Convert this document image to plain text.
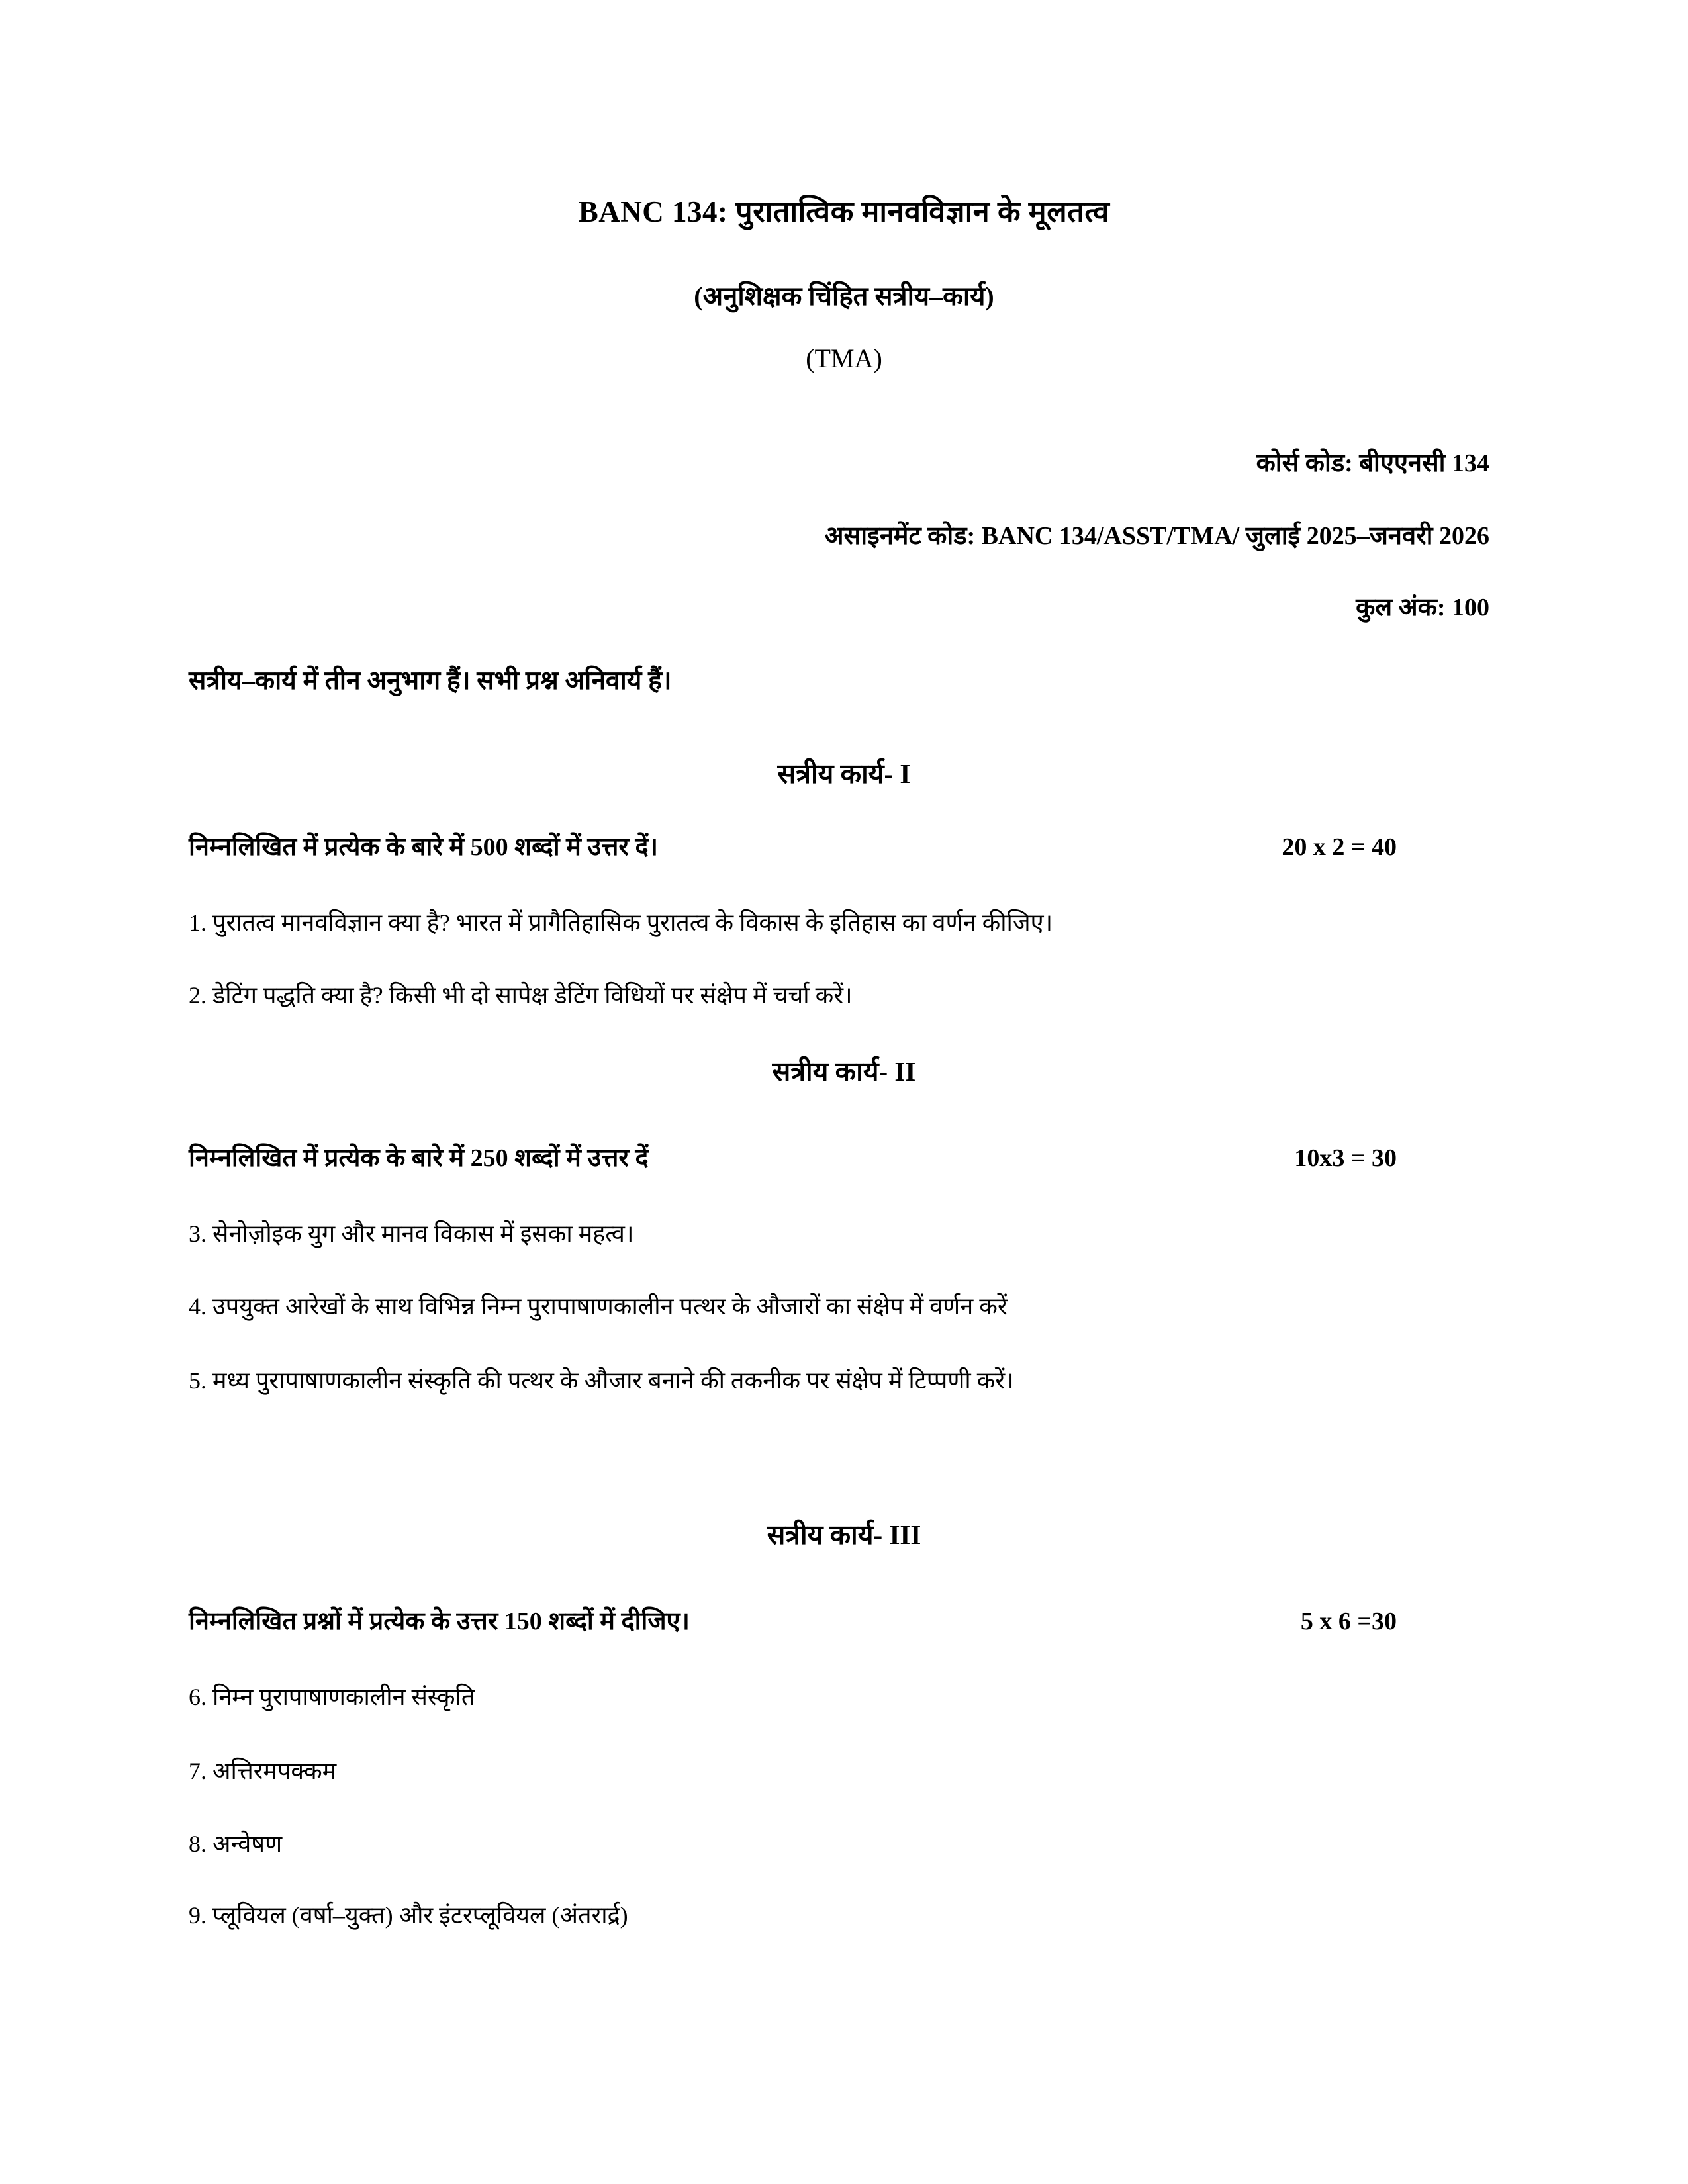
BANC 134: पुरातात्विक मानवविज्ञान के मूलतत्व
(अनुशिक्षक चिंहित सत्रीय–कार्य)
(TMA)
कोर्स कोड: बीएएनसी 134
असाइनमेंट कोड: BANC 134/ASST/TMA/ जुलाई 2025–जनवरी 2026
कुल अंक: 100
सत्रीय–कार्य में तीन अनुभाग हैं। सभी प्रश्न अनिवार्य हैं।
सत्रीय कार्य- I
निम्नलिखित में प्रत्येक के बारे में 500 शब्दों में उत्तर दें।	20 x 2 = 40
1. पुरातत्व मानवविज्ञान क्या है? भारत में प्रागैतिहासिक पुरातत्व के विकास के इतिहास का वर्णन कीजिए।
2. डेटिंग पद्धति क्या है? किसी भी दो सापेक्ष डेटिंग विधियों पर संक्षेप में चर्चा करें।
सत्रीय कार्य- II
निम्नलिखित में प्रत्येक के बारे में 250 शब्दों में उत्तर दें	10x3 = 30
3. सेनोज़ोइक युग और मानव विकास में इसका महत्व।
4. उपयुक्त आरेखों के साथ विभिन्न निम्न पुरापाषाणकालीन पत्थर के औजारों का संक्षेप में वर्णन करें
5. मध्य पुरापाषाणकालीन संस्कृति की पत्थर के औजार बनाने की तकनीक पर संक्षेप में टिप्पणी करें।
सत्रीय कार्य- III
निम्नलिखित प्रश्नों में प्रत्येक के उत्तर 150 शब्दों में दीजिए।	5 x 6 =30
6. निम्न पुरापाषाणकालीन संस्कृति
7. अत्तिरमपक्कम
8. अन्वेषण
9. प्लूवियल (वर्षा–युक्त) और इंटरप्लूवियल (अंतरार्द्र)
